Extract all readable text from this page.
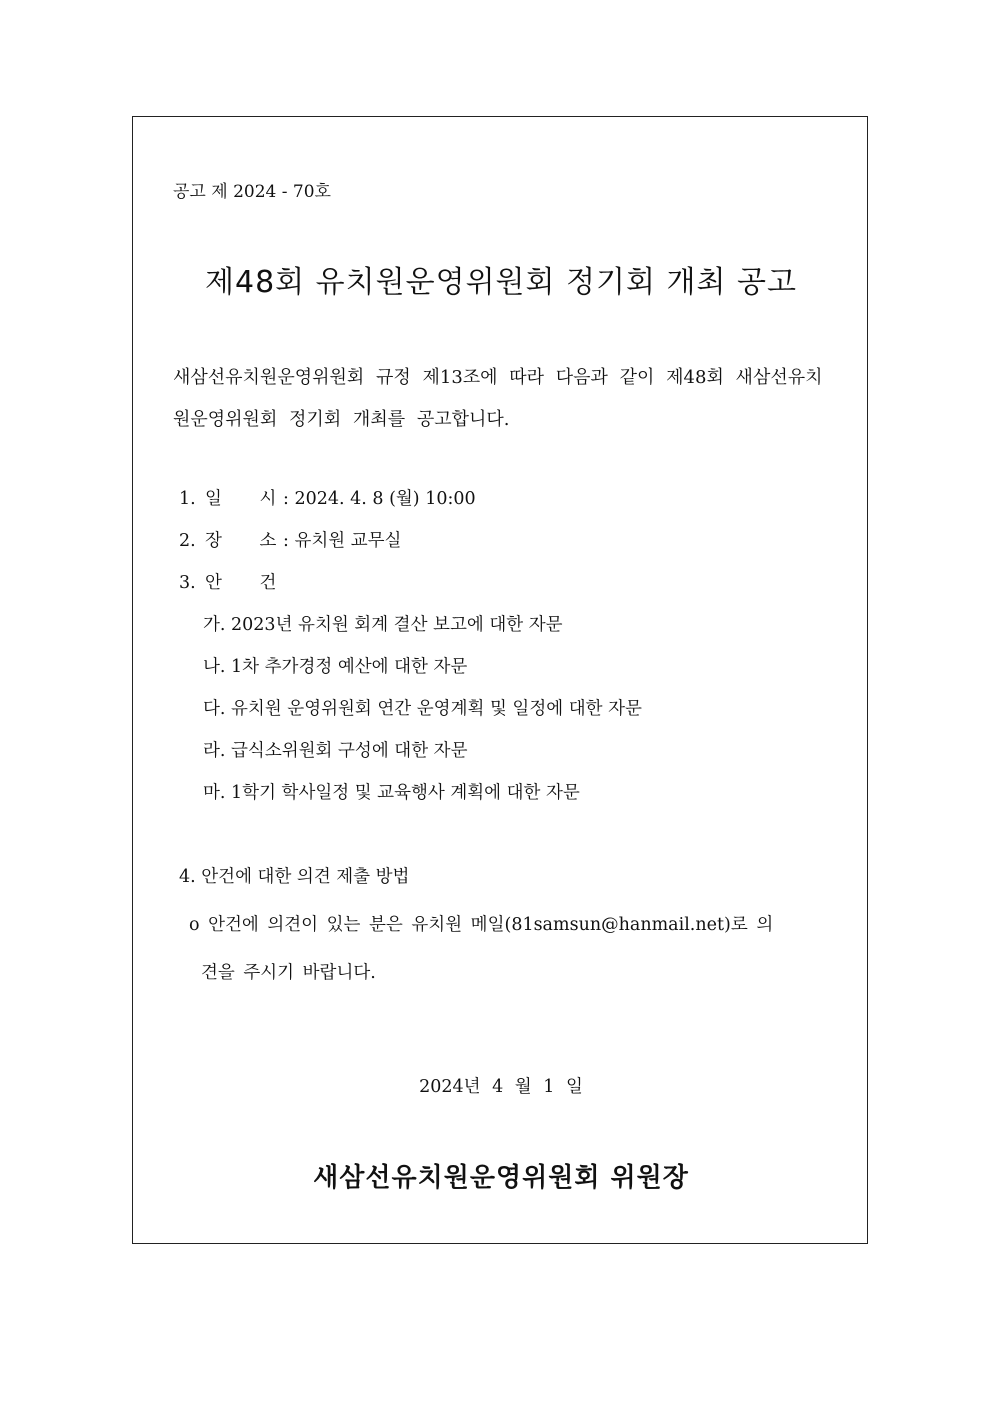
공고 제 2024 - 70호
제48회 유치원운영위원회 정기회 개최 공고
새삼선유치원운영위원회 규정 제13조에 따라 다음과 같이 제48회 새삼선유치원운영위원회 정기회 개최를 공고합니다.
1. 일 시: 2024. 4. 8 (월) 10:00
2. 장 소: 유치원 교무실
3. 안 건
가. 2023년 유치원 회계 결산 보고에 대한 자문
나. 1차 추가경정 예산에 대한 자문
다. 유치원 운영위원회 연간 운영계획 및 일정에 대한 자문
라. 급식소위원회 구성에 대한 자문
마. 1학기 학사일정 및 교육행사 계획에 대한 자문
4. 안건에 대한 의견 제출 방법
o 안건에 의견이 있는 분은 유치원 메일(81samsun@hanmail.net)로 의
견을 주시기 바랍니다.
2024년 4 월 1 일
새삼선유치원운영위원회 위원장
